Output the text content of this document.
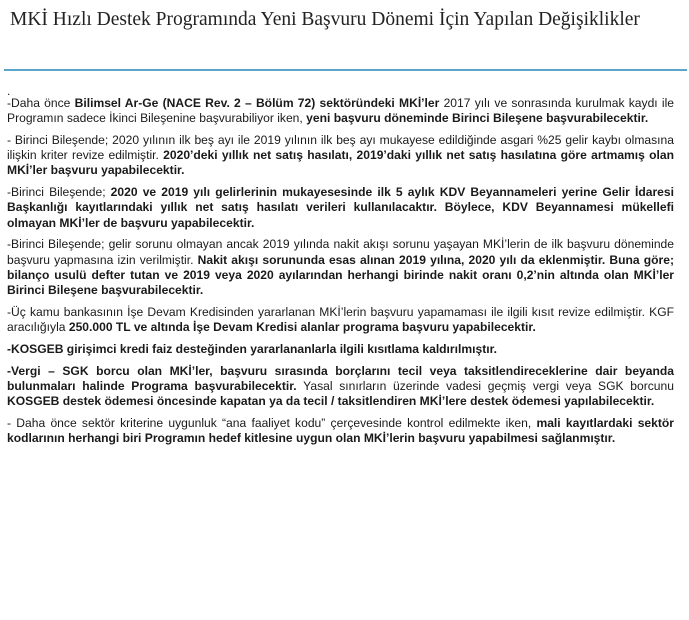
MKİ Hızlı Destek Programında Yeni Başvuru Dönemi İçin Yapılan Değişiklikler
.

-Daha önce Bilimsel Ar-Ge (NACE Rev. 2 – Bölüm 72) sektöründeki MKİ’ler 2017 yılı ve sonrasında kurulmak kaydı ile Programın sadece İkinci Bileşenine başvurabiliyor iken, yeni başvuru döneminde Birinci Bileşene başvurabilecektir.

- Birinci Bileşende; 2020 yılının ilk beş ayı ile 2019 yılının ilk beş ayı mukayese edildiğinde asgari %25 gelir kaybı olmasına ilişkin kriter revize edilmiştir. 2020’deki yıllık net satış hasılatı, 2019’daki yıllık net satış hasılatına göre artmamış olan MKİ’ler başvuru yapabilecektir.

-Birinci Bileşende; 2020 ve 2019 yılı gelirlerinin mukayesesinde ilk 5 aylık KDV Beyannameleri yerine Gelir İdaresi Başkanlığı kayıtlarındaki yıllık net satış hasılatı verileri kullanılacaktır. Böylece, KDV Beyannamesi mükellefi olmayan MKİ’ler de başvuru yapabilecektir.

-Birinci Bileşende; gelir sorunu olmayan ancak 2019 yılında nakit akışı sorunu yaşayan MKİ’lerin de ilk başvuru döneminde başvuru yapmasına izin verilmiştir. Nakit akışı sorununda esas alınan 2019 yılına, 2020 yılı da eklenmiştir. Buna göre; bilanço usulü defter tutan ve 2019 veya 2020 ayılarından herhangi birinde nakit oranı 0,2’nin altında olan MKİ’ler Birinci Bileşene başvurabilecektir.

-Üç kamu bankasının İşe Devam Kredisinden yararlanan MKİ’lerin başvuru yapamaması ile ilgili kısıt revize edilmiştir. KGF aracılığıyla 250.000 TL ve altında İşe Devam Kredisi alanlar programa başvuru yapabilecektir.

-KOSGEB girişimci kredi faiz desteğinden yararlananlarla ilgili kısıtlama kaldırılmıştır.

-Vergi – SGK borcu olan MKİ’ler, başvuru sırasında borçlarını tecil veya taksitlendireceklerine dair beyanda bulunmaları halinde Programa başvurabilecektir. Yasal sınırların üzerinde vadesi geçmiş vergi veya SGK borcunu KOSGEB destek ödemesi öncesinde kapatan ya da tecil / taksitlendiren MKİ’lere destek ödemesi yapılabilecektir.

- Daha önce sektör kriterine uygunluk “ana faaliyet kodu” çerçevesinde kontrol edilmekte iken, mali kayıtlardaki sektör kodlarının herhangi biri Programın hedef kitlesine uygun olan MKİ’lerin başvuru yapabilmesi sağlanmıştır.
